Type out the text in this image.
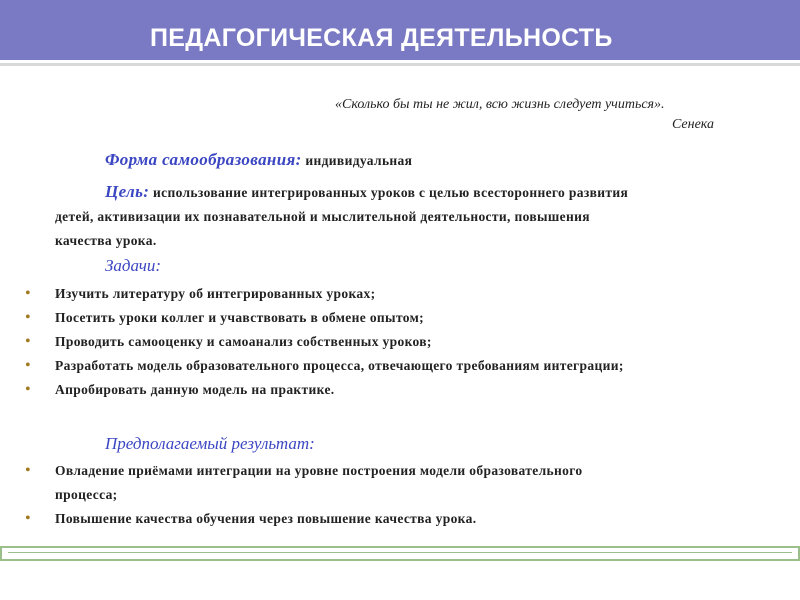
ПЕДАГОГИЧЕСКАЯ ДЕЯТЕЛЬНОСТЬ
«Сколько бы ты не жил, всю жизнь следует учиться».
Сенека
Форма самообразования: индивидуальная
Цель: использование интегрированных уроков с целью всестороннего развития
детей, активизации их познавательной и мыслительной деятельности, повышения
качества урока.
Задачи:
•	Изучить литературу об интегрированных уроках;
•	Посетить уроки коллег и учавствовать в обмене опытом;
•	Проводить самооценку и самоанализ собственных уроков;
•	Разработать модель образовательного процесса, отвечающего требованиям интеграции;
•	Апробировать данную модель на практике.
Предполагаемый результат:
•	Овладение приёмами интеграции на уровне построения модели образовательного
процесса;
•	Повышение качества обучения через повышение качества урока.
